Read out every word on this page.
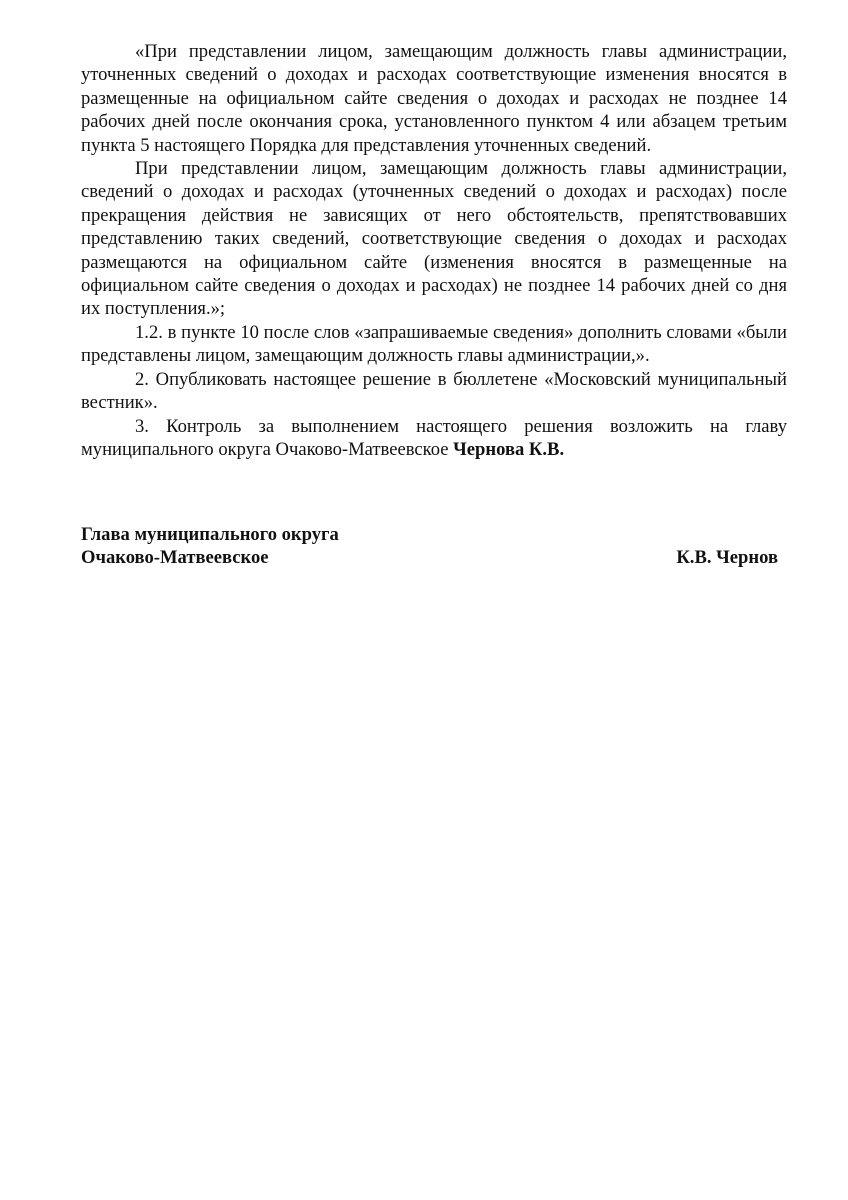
«При представлении лицом, замещающим должность главы администрации, уточненных сведений о доходах и расходах соответствующие изменения вносятся в размещенные на официальном сайте сведения о доходах и расходах не позднее 14 рабочих дней после окончания срока, установленного пунктом 4 или абзацем третьим пункта 5 настоящего Порядка для представления уточненных сведений.

При представлении лицом, замещающим должность главы администрации, сведений о доходах и расходах (уточненных сведений о доходах и расходах) после прекращения действия не зависящих от него обстоятельств, препятствовавших представлению таких сведений, соответствующие сведения о доходах и расходах размещаются на официальном сайте (изменения вносятся в размещенные на официальном сайте сведения о доходах и расходах) не позднее 14 рабочих дней со дня их поступления.»;

1.2. в пункте 10 после слов «запрашиваемые сведения» дополнить словами «были представлены лицом, замещающим должность главы администрации,».

2. Опубликовать настоящее решение в бюллетене «Московский муниципальный вестник».

3. Контроль за выполнением настоящего решения возложить на главу муниципального округа Очаково-Матвеевское Чернова К.В.

Глава муниципального округа
Очаково-Матвеевское	К.В. Чернов
